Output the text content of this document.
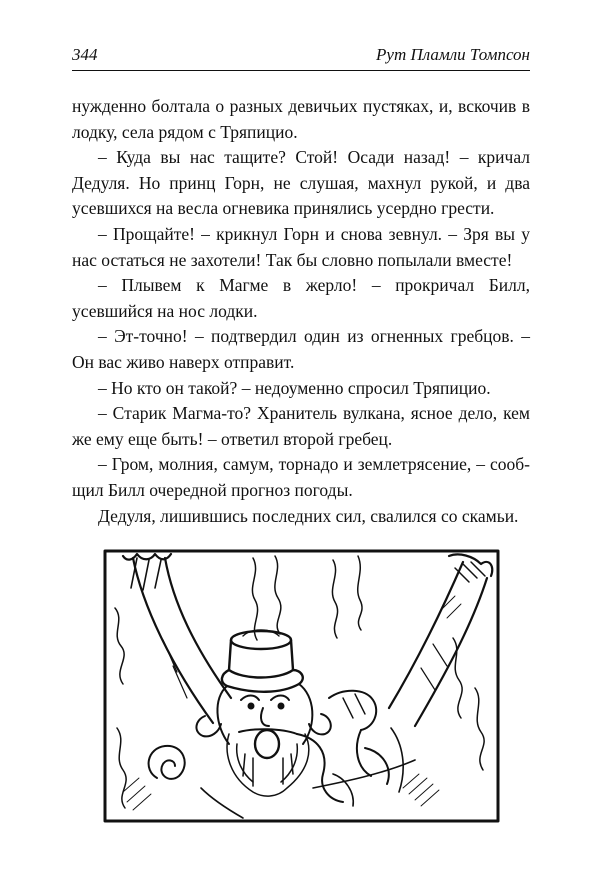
344	Рут Пламли Томпсон

нужденно болтала о разных девичьих пустяках, и, вскочив в лодку, села рядом с Тряпицио.

– Куда вы нас тащите? Стой! Осади назад! – кричал Дедуля. Но принц Горн, не слушая, махнул рукой, и два усевшихся на весла огневика принялись усердно грести.

– Прощайте! – крикнул Горн и снова зевнул. – Зря вы у нас остаться не захотели! Так бы словно попылали вместе!

– Плывем к Магме в жерло! – прокричал Билл, усевшийся на нос лодки.

– Эт-точно! – подтвердил один из огненных гребцов. – Он вас живо наверх отправит.

– Но кто он такой? – недоуменно спросил Тряпицио.

– Старик Магма-то? Хранитель вулкана, ясное дело, кем же ему еще быть! – ответил второй гребец.

– Гром, молния, самум, торнадо и землетрясение, – сооб- щил Билл очередной прогноз погоды.

Дедуля, лишившись последних сил, свалился со скамьи.
